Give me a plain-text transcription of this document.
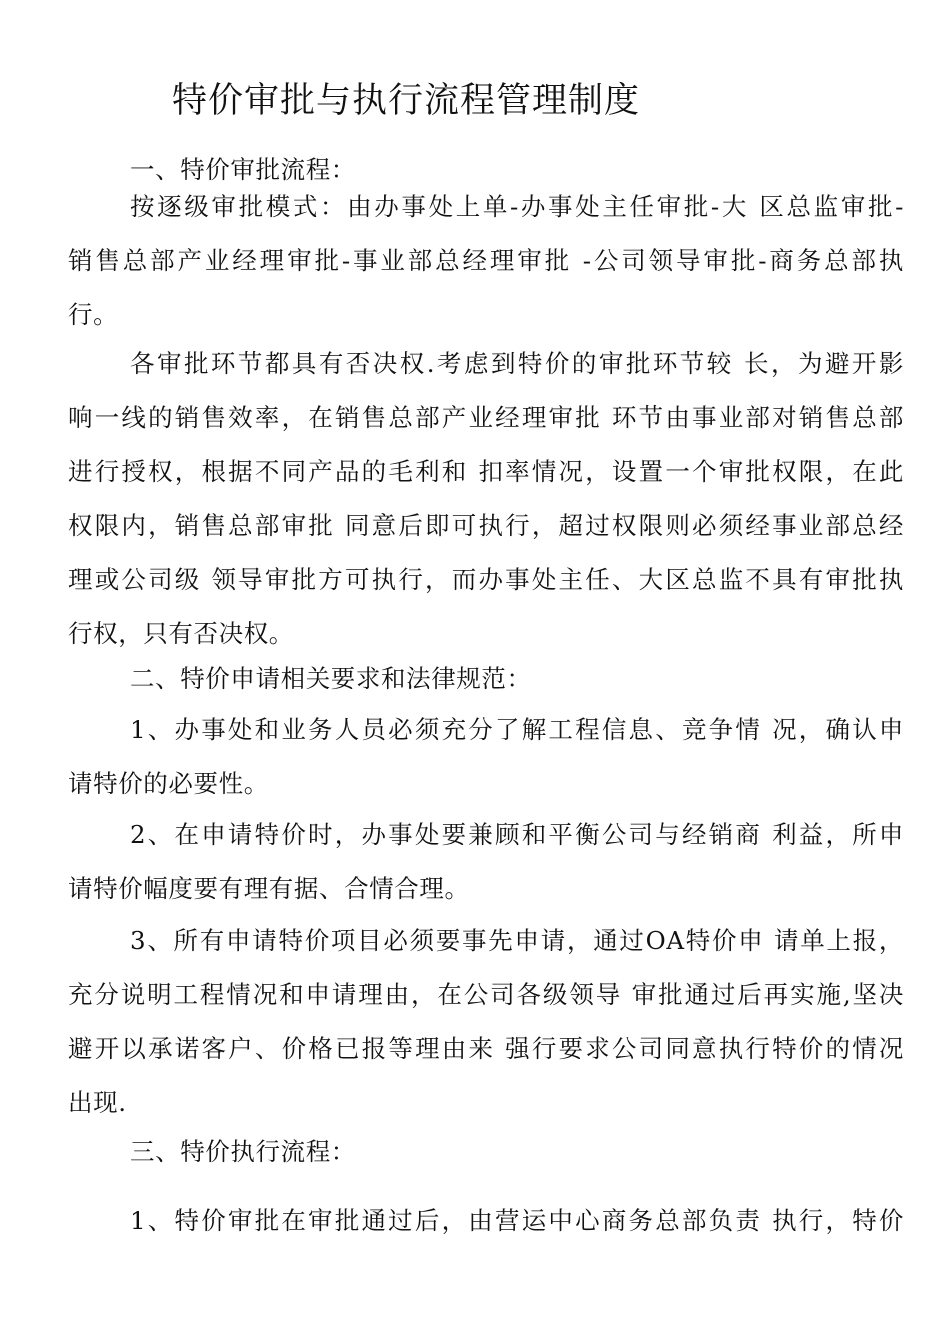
特价审批与执行流程管理制度
一、特价审批流程：
按逐级审批模式：由办事处上单-办事处主任审批-大 区总监审批-
销售总部产业经理审批-事业部总经理审批 -公司领导审批-商务总部执
行。
各审批环节都具有否决权.考虑到特价的审批环节较 长，为避开影
响一线的销售效率，在销售总部产业经理审批 环节由事业部对销售总部
进行授权，根据不同产品的毛利和 扣率情况，设置一个审批权限，在此
权限内，销售总部审批 同意后即可执行，超过权限则必须经事业部总经
理或公司级 领导审批方可执行，而办事处主任、大区总监不具有审批执
行权，只有否决权。
二、特价申请相关要求和法律规范：
1、办事处和业务人员必须充分了解工程信息、竞争情 况，确认申
请特价的必要性。
2、在申请特价时，办事处要兼顾和平衡公司与经销商 利益，所申
请特价幅度要有理有据、合情合理。
3、所有申请特价项目必须要事先申请，通过OA特价申 请单上报，
充分说明工程情况和申请理由，在公司各级领导 审批通过后再实施,坚决
避开以承诺客户、价格已报等理由来 强行要求公司同意执行特价的情况
出现.
三、特价执行流程：
1、特价审批在审批通过后，由营运中心商务总部负责 执行，特价
